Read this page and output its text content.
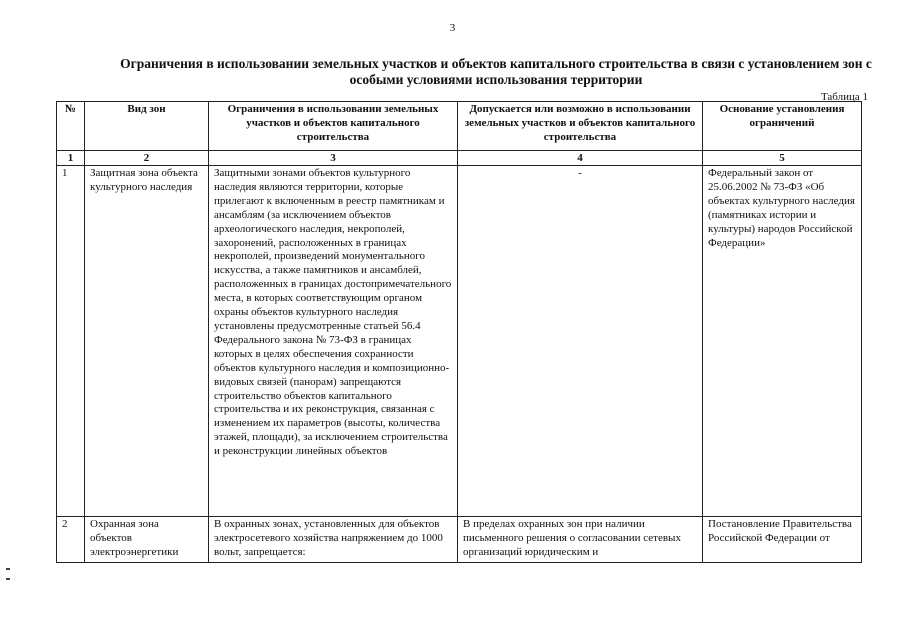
3
Ограничения в использовании земельных участков и объектов капитального строительства в связи с установлением зон с особыми условиями использования территории
Таблица 1
№	Вид зон	Ограничения в использовании земельных участков и объектов капитального строительства	Допускается или возможно в использовании земельных участков и объектов капитального строительства	Основание установления ограничений
1	2	3	4	5
1	Защитная зона объекта культурного наследия	Защитными зонами объектов культурного наследия являются территории, которые прилегают к включенным в реестр памятникам и ансамблям (за исключением объектов археологического наследия, некрополей, захоронений, расположенных в границах некрополей, произведений монументального искусства, а также памятников и ансамблей, расположенных в границах достопримечательного места, в которых соответствующим органом охраны объектов культурного наследия установлены предусмотренные статьей 56.4 Федерального закона № 73-ФЗ в границах которых в целях обеспечения сохранности объектов культурного наследия и композиционно-видовых связей (панорам) запрещаются строительство объектов капитального строительства и их реконструкция, связанная с изменением их параметров (высоты, количества этажей, площади), за исключением строительства и реконструкции линейных объектов	-	Федеральный закон от 25.06.2002 № 73-ФЗ «Об объектах культурного наследия (памятниках истории и культуры) народов Российской Федерации»
2	Охранная зона объектов электроэнергетики	В охранных зонах, установленных для объектов электросетевого хозяйства напряжением до 1000 вольт, запрещается:	В пределах охранных зон при наличии письменного решения о согласовании сетевых организаций юридическим и	Постановление Правительства Российской Федерации от
